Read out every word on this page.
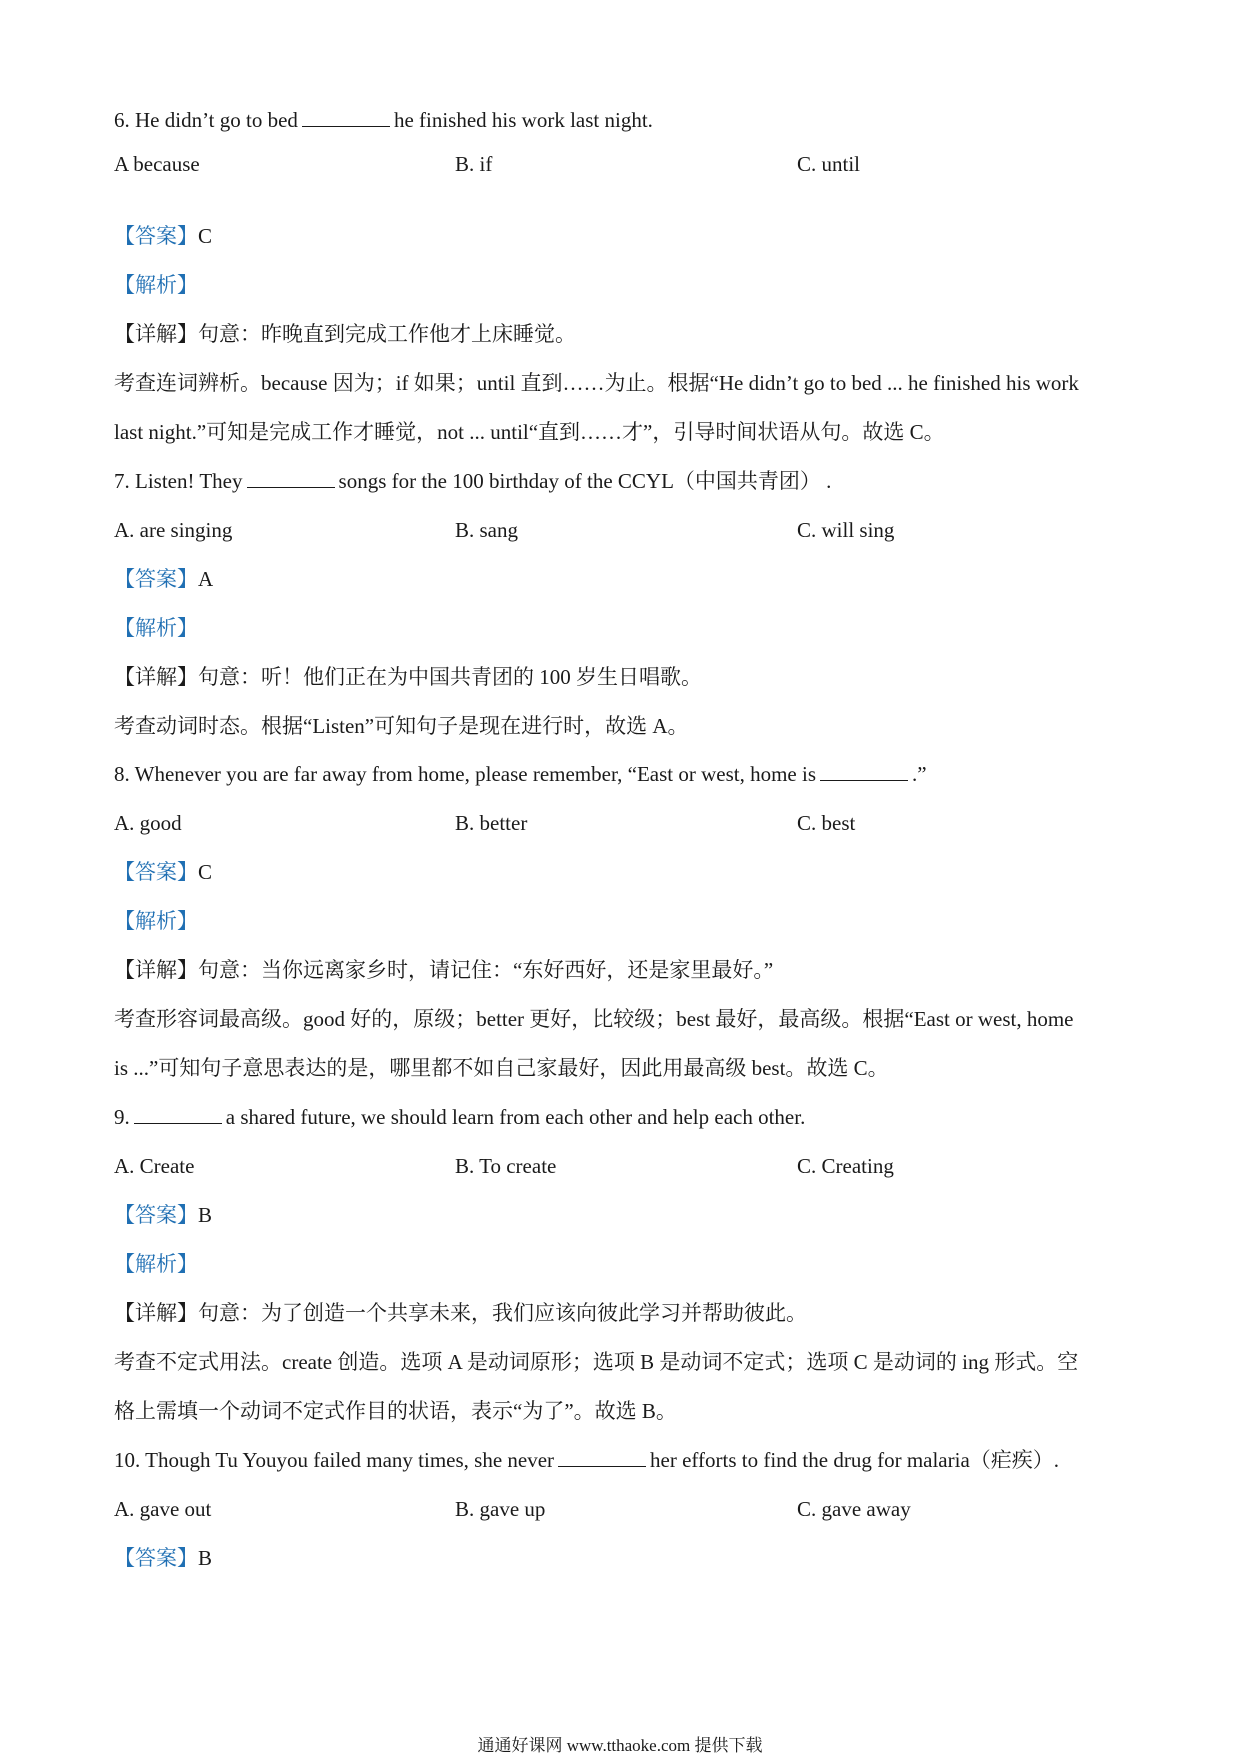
6. He didn’t go to bed	he finished his work last night.
A because	B. if	C. until
【答案】C
【解析】
【详解】句意：昨晚直到完成工作他才上床睡觉。
考查连词辨析。because 因为；if 如果；until 直到……为止。根据“He didn’t go to bed ... he finished his work
last night.”可知是完成工作才睡觉，not ... until“直到……才”，引导时间状语从句。故选 C。
7. Listen! They	songs for the 100 birthday of the CCYL（中国共青团） .
A. are singing	B. sang	C. will sing
【答案】A
【解析】
【详解】句意：听！他们正在为中国共青团的 100 岁生日唱歌。
考查动词时态。根据“Listen”可知句子是现在进行时，故选 A。
8. Whenever you are far away from home, please remember, “East or west, home is	.”
A. good	B. better	C. best
【答案】C
【解析】
【详解】句意：当你远离家乡时，请记住：“东好西好，还是家里最好。”
考查形容词最高级。good 好的，原级；better 更好，比较级；best 最好，最高级。根据“East or west, home
is ...”可知句子意思表达的是，哪里都不如自己家最好，因此用最高级 best。故选 C。
9.	a shared future, we should learn from each other and help each other.
A. Create	B. To create	C. Creating
【答案】B
【解析】
【详解】句意：为了创造一个共享未来，我们应该向彼此学习并帮助彼此。
考查不定式用法。create 创造。选项 A 是动词原形；选项 B 是动词不定式；选项 C 是动词的 ing 形式。空
格上需填一个动词不定式作目的状语，表示“为了”。故选 B。
10. Though Tu Youyou failed many times, she never	her efforts to find the drug for malaria（疟疾）.
A. gave out	B. gave up	C. gave away
【答案】B
通通好课网 www.tthaoke.com 提供下载
